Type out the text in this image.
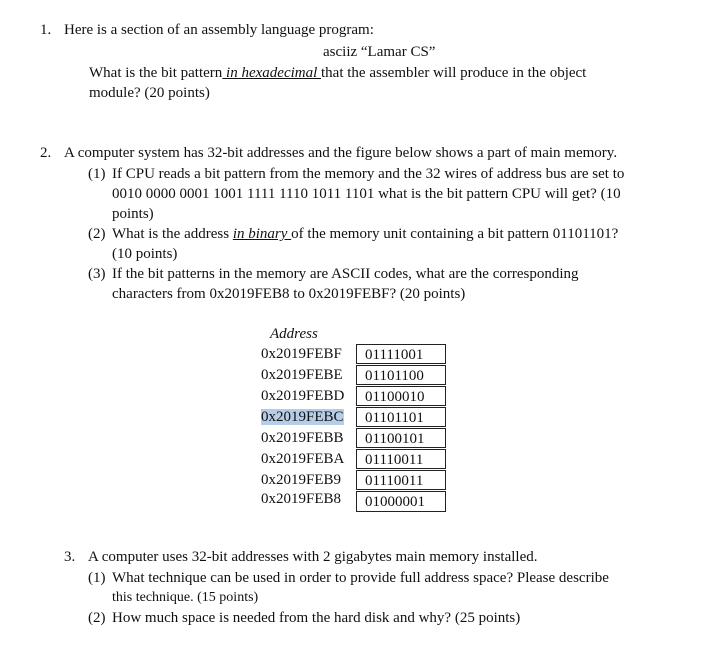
1. Here is a section of an assembly language program:
asciiz “Lamar CS”
What is the bit pattern in hexadecimal that the assembler will produce in the object
module? (20 points)
2. A computer system has 32-bit addresses and the figure below shows a part of main memory.
(1) If CPU reads a bit pattern from the memory and the 32 wires of address bus are set to
0010 0000 0001 1001 1111 1110 1011 1101 what is the bit pattern CPU will get? (10
points)
(2) What is the address in binary of the memory unit containing a bit pattern 01101101?
(10 points)
(3) If the bit patterns in the memory are ASCII codes, what are the corresponding
characters from 0x2019FEB8 to 0x2019FEBF? (20 points)
Address
0x2019FEBF	01111001
0x2019FEBE	01101100
0x2019FEBD	01100010
0x2019FEBC	01101101
0x2019FEBB	01100101
0x2019FEBA	01110011
0x2019FEB9	01110011
0x2019FEB8	01000001
3. A computer uses 32-bit addresses with 2 gigabytes main memory installed.
(1) What technique can be used in order to provide full address space? Please describe
this technique. (15 points)
(2) How much space is needed from the hard disk and why? (25 points)
